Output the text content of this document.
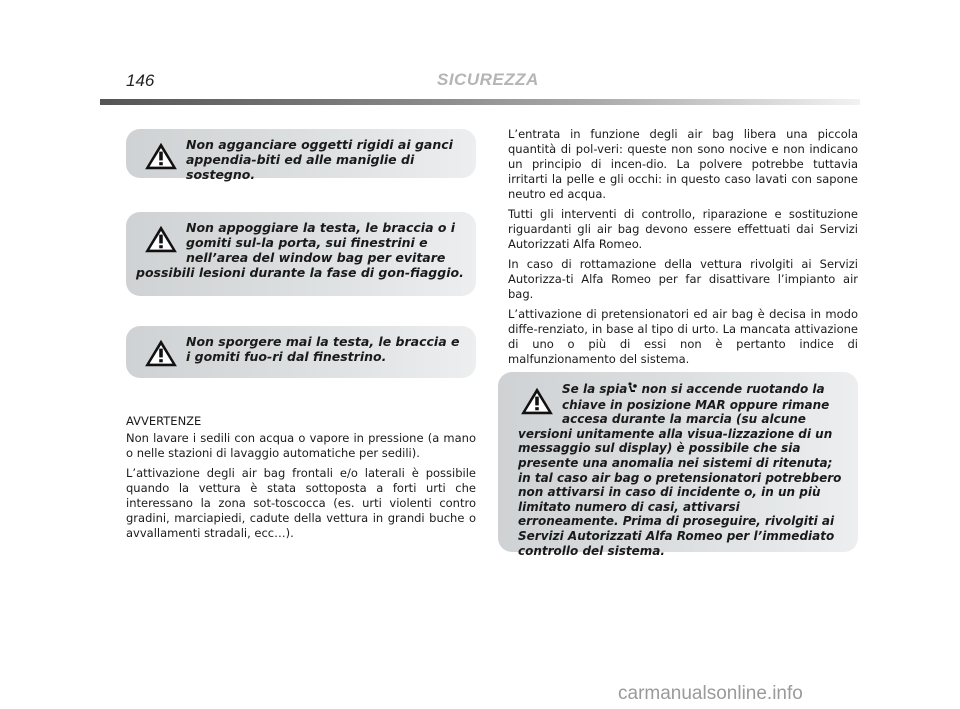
146	SICUREZZA

Non agganciare oggetti rigidi ai ganci appendia-biti ed alle maniglie di sostegno.

Non appoggiare la testa, le braccia o i gomiti sul-la porta, sui finestrini e nell’area del window bag per evitare possibili lesioni durante la fase di gon-fiaggio.

Non sporgere mai la testa, le braccia e i gomiti fuo-ri dal finestrino.

AVVERTENZE

Non lavare i sedili con acqua o vapore in pressione (a mano o nelle stazioni di lavaggio automatiche per sedili).

L’attivazione degli air bag frontali e/o laterali è possibile quando la vettura è stata sottoposta a forti urti che interessano la zona sot-toscocca (es. urti violenti contro gradini, marciapiedi, cadute della vettura in grandi buche o avvallamenti stradali, ecc…).

L’entrata in funzione degli air bag libera una piccola quantità di pol-veri: queste non sono nocive e non indicano un principio di incen-dio. La polvere potrebbe tuttavia irritarti la pelle e gli occhi: in questo caso lavati con sapone neutro ed acqua.

Tutti gli interventi di controllo, riparazione e sostituzione riguardanti gli air bag devono essere effettuati dai Servizi Autorizzati Alfa Romeo.

In caso di rottamazione della vettura rivolgiti ai Servizi Autorizza-ti Alfa Romeo per far disattivare l’impianto air bag.

L’attivazione di pretensionatori ed air bag è decisa in modo diffe-renziato, in base al tipo di urto. La mancata attivazione di uno o più di essi non è pertanto indice di malfunzionamento del sistema.

Se la spia non si accende ruotando la chiave in posizione MAR oppure rimane accesa durante la marcia (su alcune versioni unitamente alla visua-lizzazione di un messaggio sul display) è possibile che sia presente una anomalia nei sistemi di ritenuta; in tal caso air bag o pretensionatori potrebbero non attivarsi in caso di incidente o, in un più limitato numero di casi, attivarsi erroneamente. Prima di proseguire, rivolgiti ai Servizi Autorizzati Alfa Romeo per l’immediato controllo del sistema.

carmanualsonline.info
